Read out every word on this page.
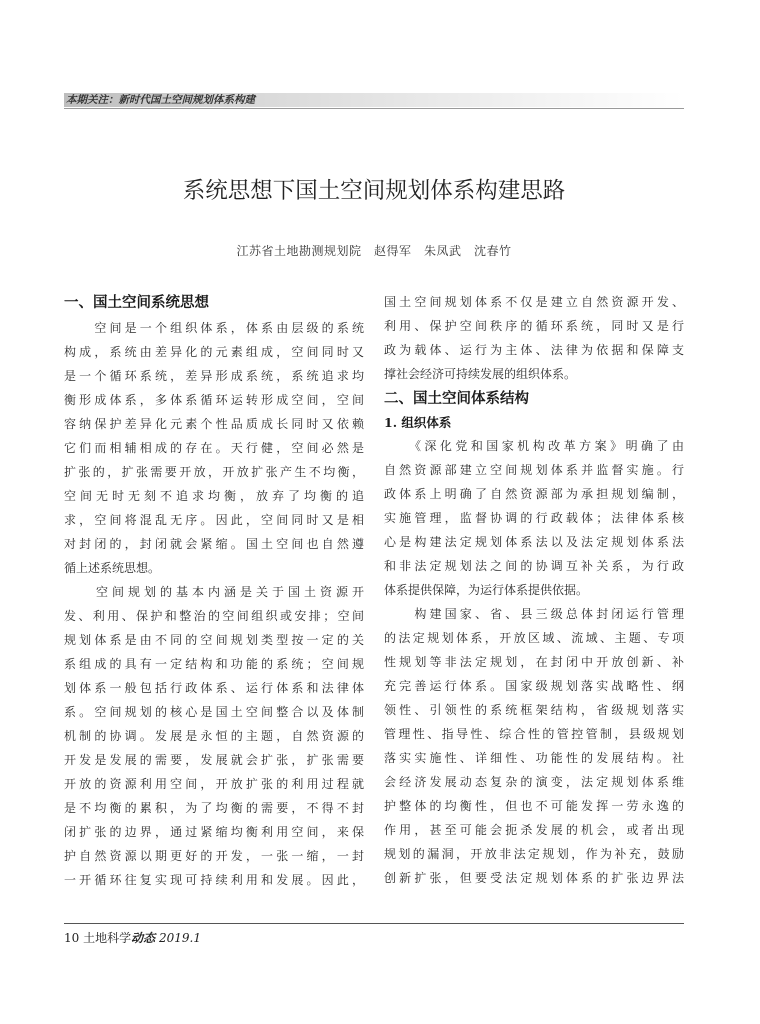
本期关注：新时代国土空间规划体系构建
系统思想下国土空间规划体系构建思路
江苏省土地勘测规划院　赵得军　朱凤武　沈春竹
一、国土空间系统思想
　　空间是一个组织体系，体系由层级的系统
构成，系统由差异化的元素组成，空间同时又
是一个循环系统，差异形成系统，系统追求均
衡形成体系，多体系循环运转形成空间，空间
容纳保护差异化元素个性品质成长同时又依赖
它们而相辅相成的存在。天行健，空间必然是
扩张的，扩张需要开放，开放扩张产生不均衡，
空间无时无刻不追求均衡，放弃了均衡的追
求，空间将混乱无序。因此，空间同时又是相
对封闭的，封闭就会紧缩。国土空间也自然遵
循上述系统思想。
　　空间规划的基本内涵是关于国土资源开
发、利用、保护和整治的空间组织或安排；空间
规划体系是由不同的空间规划类型按一定的关
系组成的具有一定结构和功能的系统；空间规
划体系一般包括行政体系、运行体系和法律体
系。空间规划的核心是国土空间整合以及体制
机制的协调。发展是永恒的主题，自然资源的
开发是发展的需要，发展就会扩张，扩张需要
开放的资源利用空间，开放扩张的利用过程就
是不均衡的累积，为了均衡的需要，不得不封
闭扩张的边界，通过紧缩均衡利用空间，来保
护自然资源以期更好的开发，一张一缩，一封
一开循环往复实现可持续利用和发展。因此，
国土空间规划体系不仅是建立自然资源开发、
利用、保护空间秩序的循环系统，同时又是行
政为载体、运行为主体、法律为依据和保障支
撑社会经济可持续发展的组织体系。
二、国土空间体系结构
1. 组织体系
　　《深化党和国家机构改革方案》明确了由
自然资源部建立空间规划体系并监督实施。行
政体系上明确了自然资源部为承担规划编制，
实施管理，监督协调的行政载体；法律体系核
心是构建法定规划体系法以及法定规划体系法
和非法定规划法之间的协调互补关系，为行政
体系提供保障，为运行体系提供依据。
　　构建国家、省、县三级总体封闭运行管理
的法定规划体系，开放区域、流域、主题、专项
性规划等非法定规划，在封闭中开放创新、补
充完善运行体系。国家级规划落实战略性、纲
领性、引领性的系统框架结构，省级规划落实
管理性、指导性、综合性的管控管制，县级规划
落实实施性、详细性、功能性的发展结构。社
会经济发展动态复杂的演变，法定规划体系维
护整体的均衡性，但也不可能发挥一劳永逸的
作用，甚至可能会扼杀发展的机会，或者出现
规划的漏洞，开放非法定规划，作为补充，鼓励
创新扩张，但要受法定规划体系的扩张边界法
10 土地科学动态 2019.1
